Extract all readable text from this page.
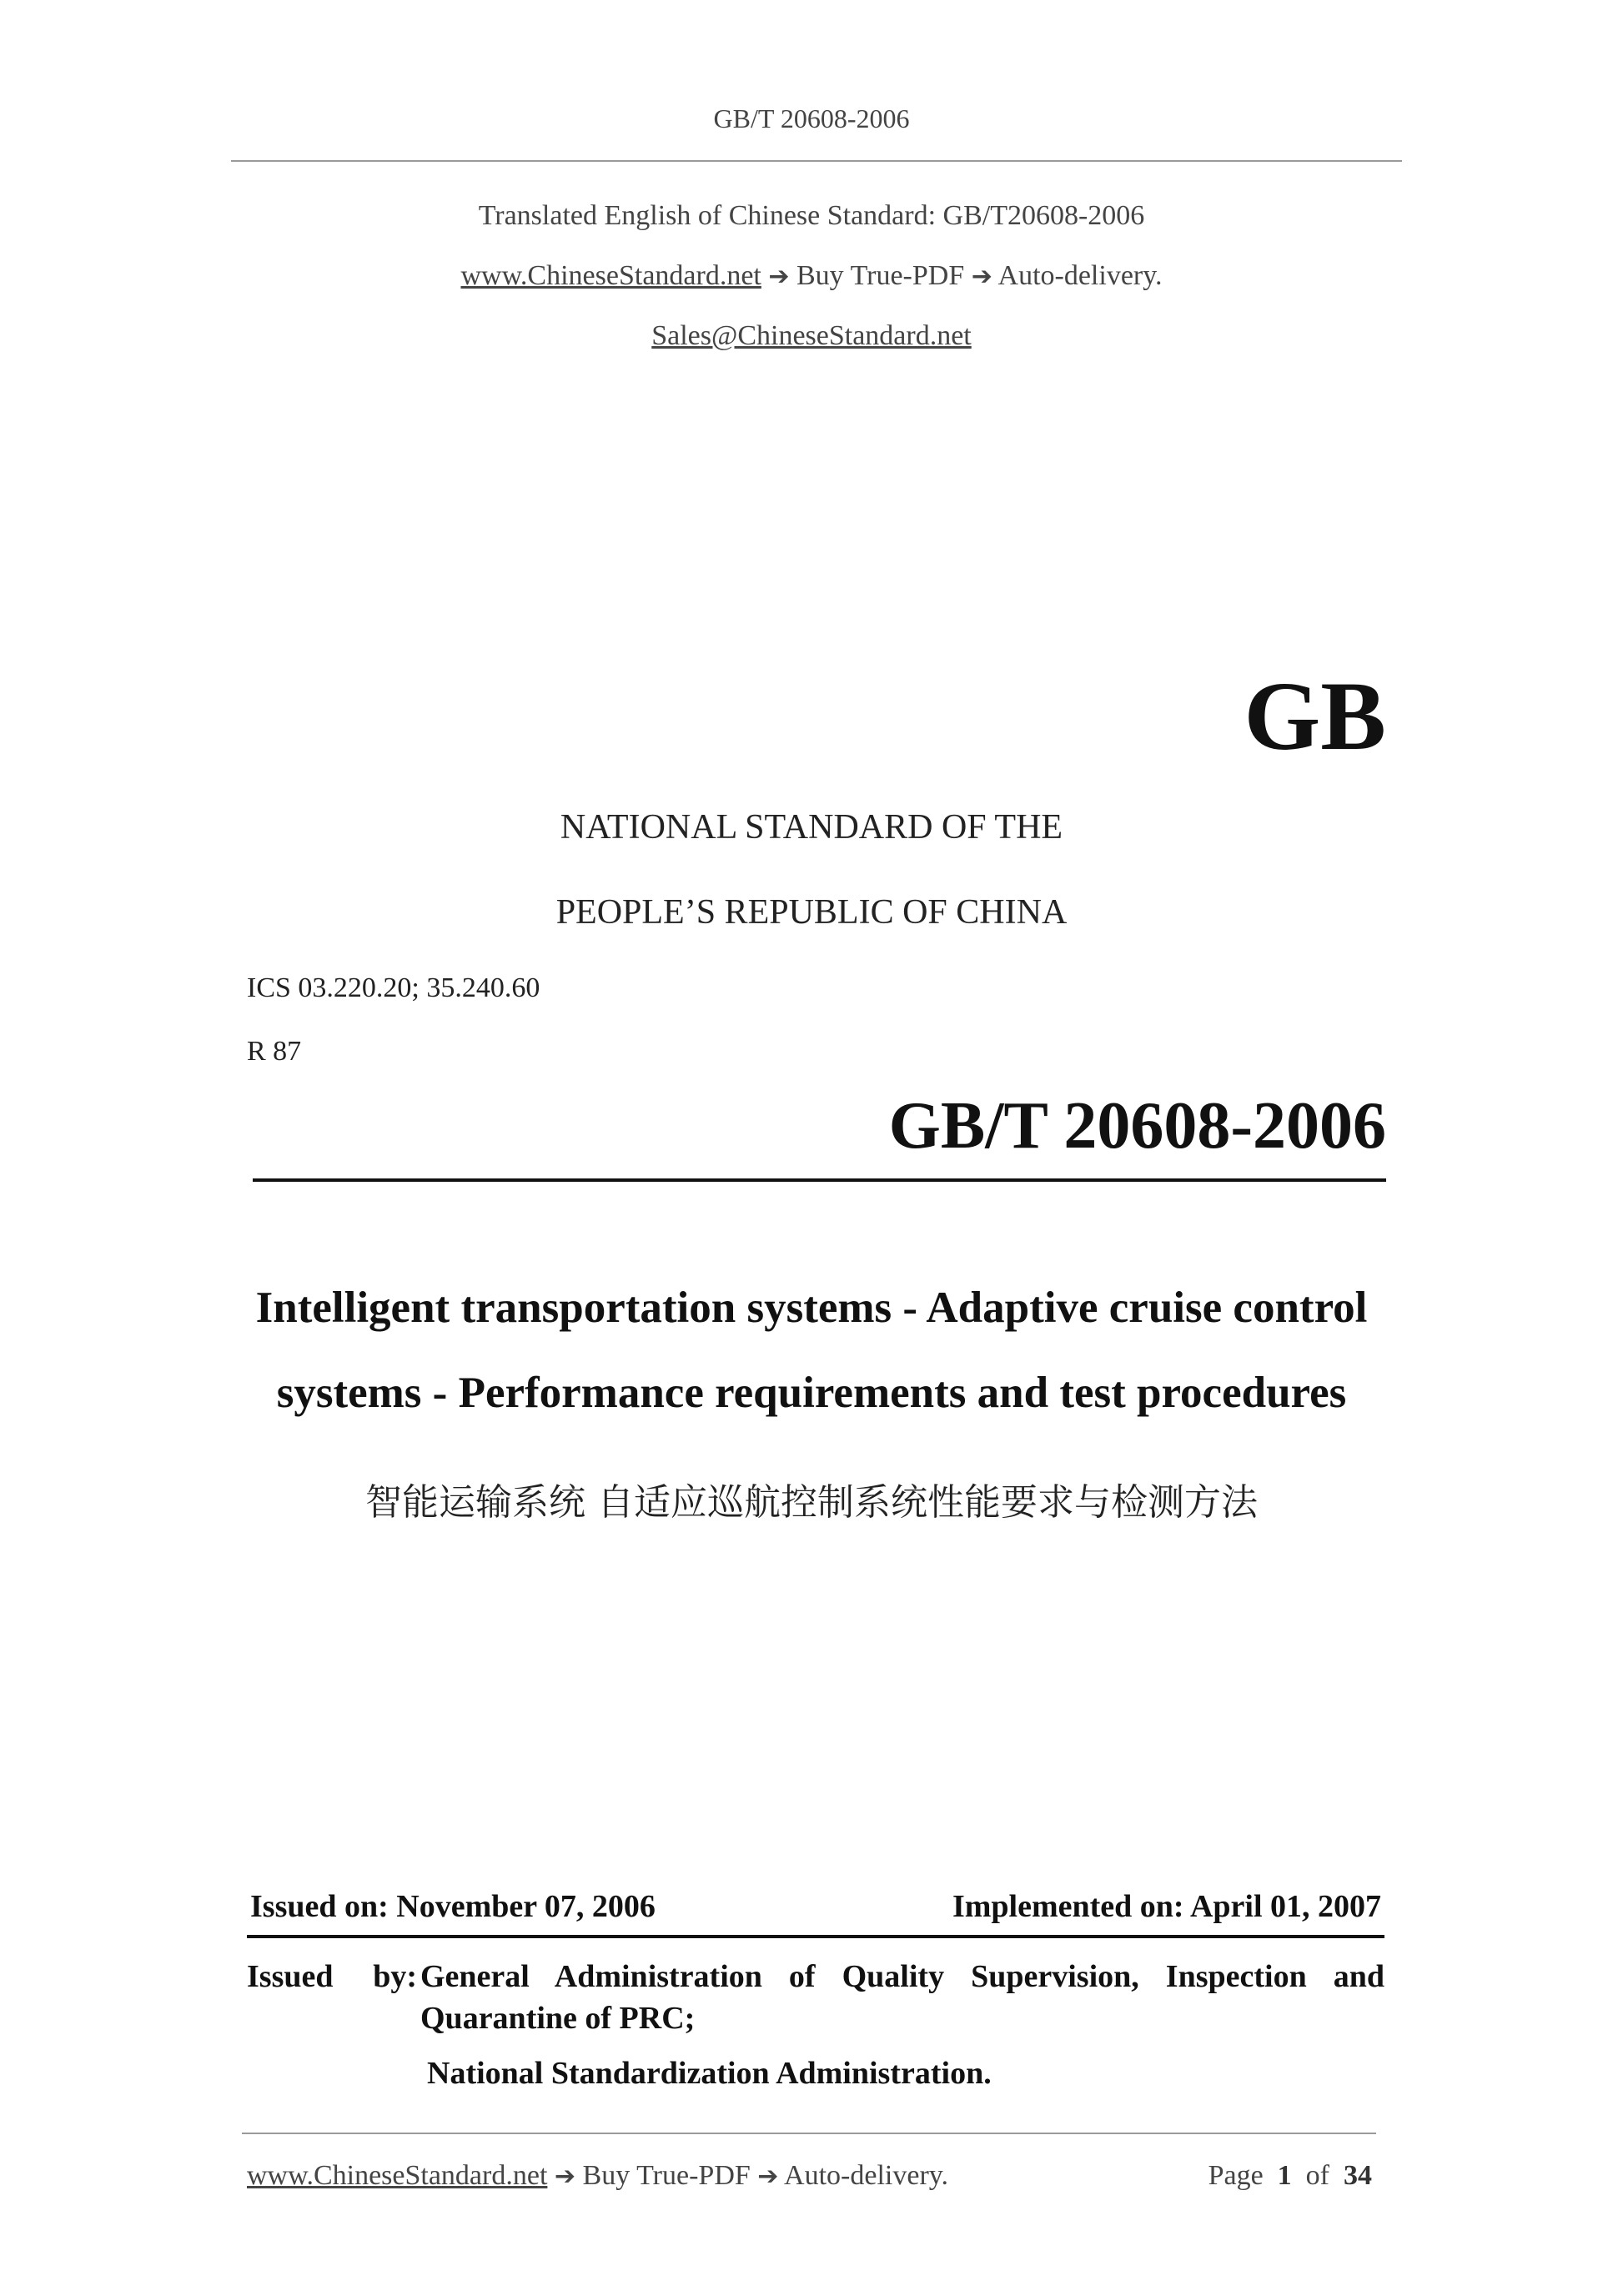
GB/T 20608-2006
Translated English of Chinese Standard: GB/T20608-2006
www.ChineseStandard.net ➔ Buy True-PDF ➔ Auto-delivery.
Sales@ChineseStandard.net
GB
NATIONAL STANDARD OF THE
PEOPLE’S REPUBLIC OF CHINA
ICS 03.220.20; 35.240.60
R 87
GB/T 20608-2006
Intelligent transportation systems - Adaptive cruise control
systems - Performance requirements and test procedures
智能运输系统 自适应巡航控制系统性能要求与检测方法
Issued on: November 07, 2006	Implemented on: April 01, 2007
Issued by: General Administration of Quality Supervision, Inspection and
Quarantine of PRC;
National Standardization Administration.
www.ChineseStandard.net ➔ Buy True-PDF ➔ Auto-delivery.	Page 1 of 34
